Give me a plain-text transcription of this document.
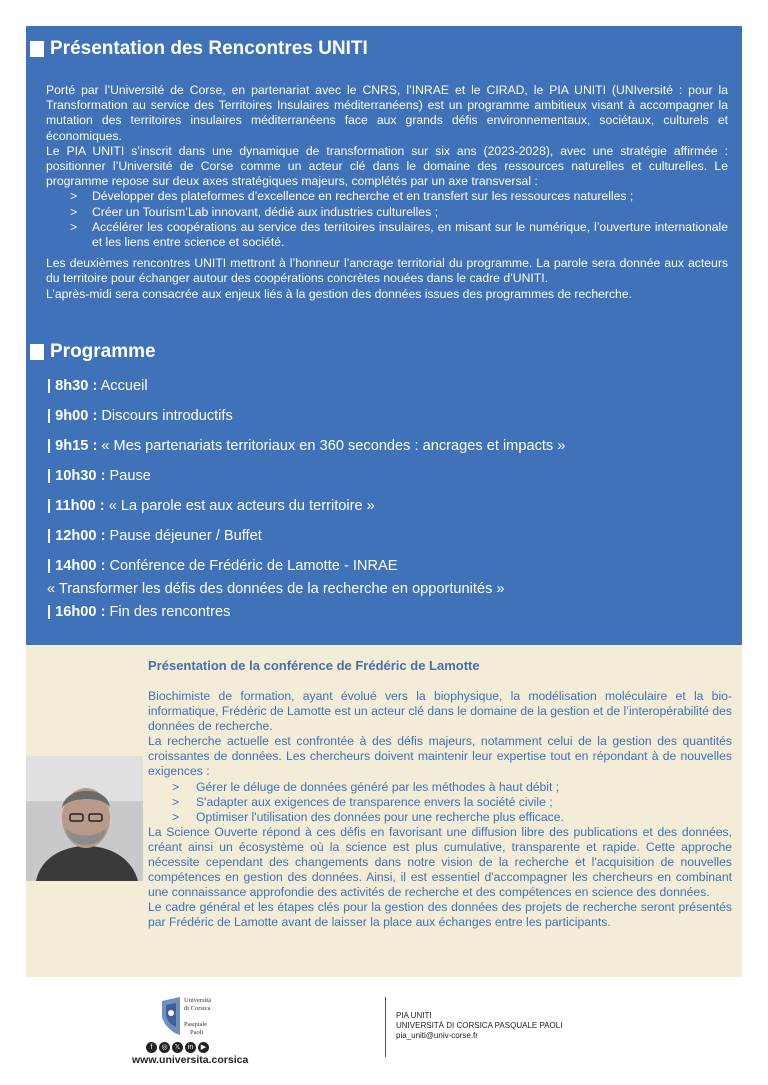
Présentation des Rencontres UNITI

Porté par l’Université de Corse, en partenariat avec le CNRS, l’INRAE et le CIRAD, le PIA UNITI (UNIversité : pour la Transformation au service des Territoires Insulaires méditerranéens) est un programme ambitieux visant à accompagner la mutation des territoires insulaires méditerranéens face aux grands défis environnementaux, sociétaux, culturels et économiques.

Le PIA UNITI s’inscrit dans une dynamique de transformation sur six ans (2023-2028), avec une stratégie affirmée : positionner l’Université de Corse comme un acteur clé dans le domaine des ressources naturelles et culturelles. Le programme repose sur deux axes stratégiques majeurs, complétés par un axe transversal :

> Développer des plateformes d’excellence en recherche et en transfert sur les ressources naturelles ;
> Créer un Tourism’Lab innovant, dédié aux industries culturelles ;
> Accélérer les coopérations au service des territoires insulaires, en misant sur le numérique, l’ouverture internationale et les liens entre science et société.

Les deuxièmes rencontres UNITI mettront à l’honneur l’ancrage territorial du programme. La parole sera donnée aux acteurs du territoire pour échanger autour des coopérations concrètes nouées dans le cadre d’UNITI.

L’après-midi sera consacrée aux enjeux liés à la gestion des données issues des programmes de recherche.

Programme
| 8h30 : Accueil
| 9h00 : Discours introductifs
| 9h15 : « Mes partenariats territoriaux en 360 secondes : ancrages et impacts »
| 10h30 : Pause
| 11h00 : « La parole est aux acteurs du territoire »
| 12h00 : Pause déjeuner / Buffet
| 14h00 : Conférence de Frédéric de Lamotte - INRAE
« Transformer les défis des données de la recherche en opportunités »
| 16h00 : Fin des rencontres
Présentation de la conférence de Frédéric de Lamotte

Biochimiste de formation, ayant évolué vers la biophysique, la modélisation moléculaire et la bio-informatique, Frédéric de Lamotte est un acteur clé dans le domaine de la gestion et de l’interopérabilité des données de recherche.

La recherche actuelle est confrontée à des défis majeurs, notamment celui de la gestion des quantités croissantes de données. Les chercheurs doivent maintenir leur expertise tout en répondant à de nouvelles exigences :

> Gérer le déluge de données généré par les méthodes à haut débit ;
> S'adapter aux exigences de transparence envers la société civile ;
> Optimiser l'utilisation des données pour une recherche plus efficace.

La Science Ouverte répond à ces défis en favorisant une diffusion libre des publications et des données, créant ainsi un écosystème où la science est plus cumulative, transparente et rapide. Cette approche nécessite cependant des changements dans notre vision de la recherche et l'acquisition de nouvelles compétences en gestion des données. Ainsi, il est essentiel d'accompagner les chercheurs en combinant une connaissance approfondie des activités de recherche et des compétences en science des données.

Le cadre général et les étapes clés pour la gestion des données des projets de recherche seront présentés par Frédéric de Lamotte avant de laisser la place aux échanges entre les participants.

Università
di Corsica
Pasquale
Paoli
f	◎	𝕏	in	▶
www.universita.corsica
PIA UNITI
UNIVERSITÀ DI CORSICA PASQUALE PAOLI
pia_uniti@univ-corse.fr
